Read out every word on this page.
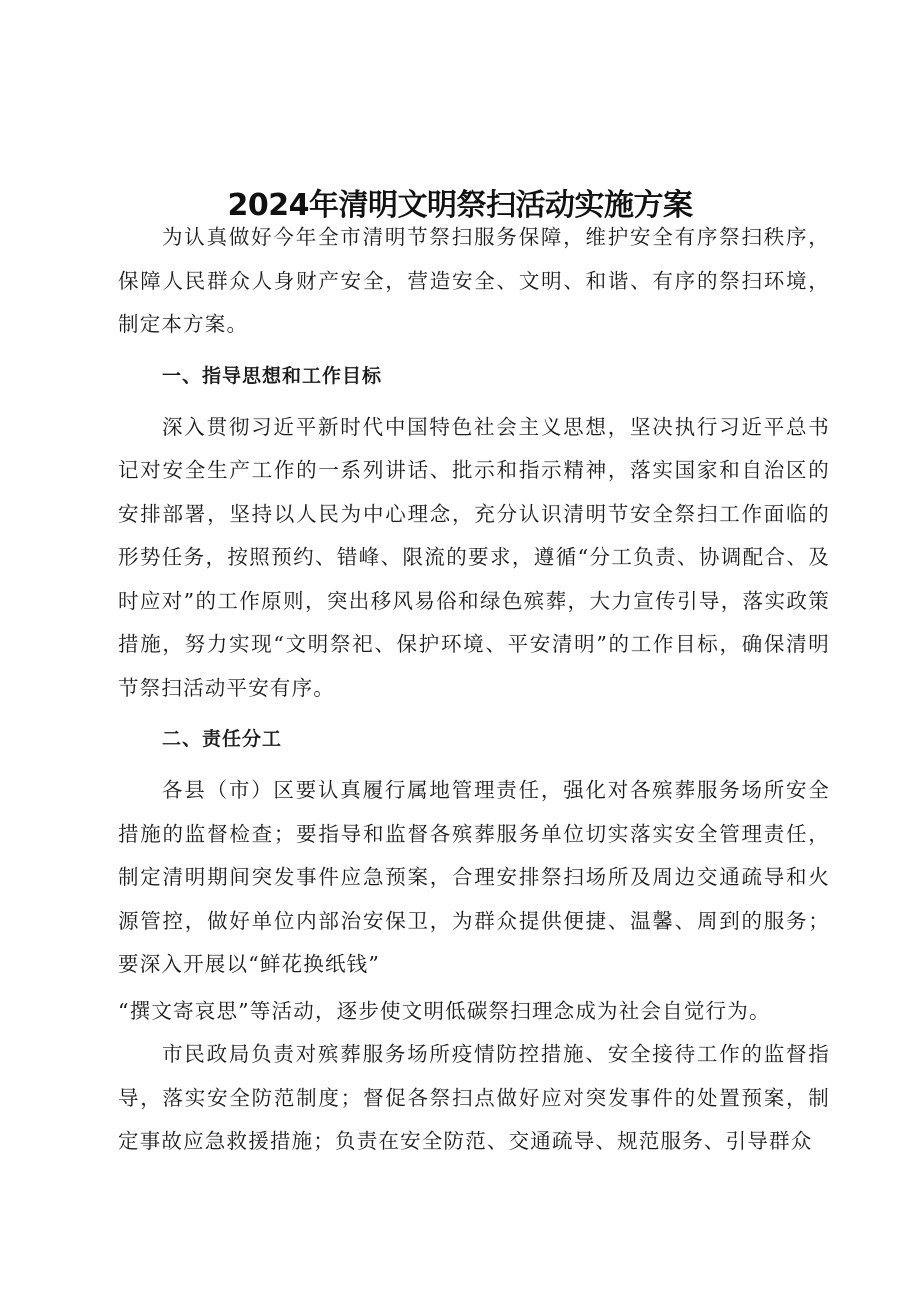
2024年清明文明祭扫活动实施方案

为认真做好今年全市清明节祭扫服务保障，维护安全有序祭扫秩序，保障人民群众人身财产安全，营造安全、文明、和谐、有序的祭扫环境，制定本方案。

一、指导思想和工作目标

深入贯彻习近平新时代中国特色社会主义思想，坚决执行习近平总书记对安全生产工作的一系列讲话、批示和指示精神，落实国家和自治区的安排部署，坚持以人民为中心理念，充分认识清明节安全祭扫工作面临的形势任务，按照预约、错峰、限流的要求，遵循“分工负责、协调配合、及时应对”的工作原则，突出移风易俗和绿色殡葬，大力宣传引导，落实政策措施，努力实现“文明祭祀、保护环境、平安清明”的工作目标，确保清明节祭扫活动平安有序。

二、责任分工

各县（市）区要认真履行属地管理责任，强化对各殡葬服务场所安全措施的监督检查；要指导和监督各殡葬服务单位切实落实安全管理责任，制定清明期间突发事件应急预案，合理安排祭扫场所及周边交通疏导和火源管控，做好单位内部治安保卫，为群众提供便捷、温馨、周到的服务；要深入开展以“鲜花换纸钱”

“撰文寄哀思”等活动，逐步使文明低碳祭扫理念成为社会自觉行为。

市民政局负责对殡葬服务场所疫情防控措施、安全接待工作的监督指导，落实安全防范制度；督促各祭扫点做好应对突发事件的处置预案，制定事故应急救援措施；负责在安全防范、交通疏导、规范服务、引导群众
